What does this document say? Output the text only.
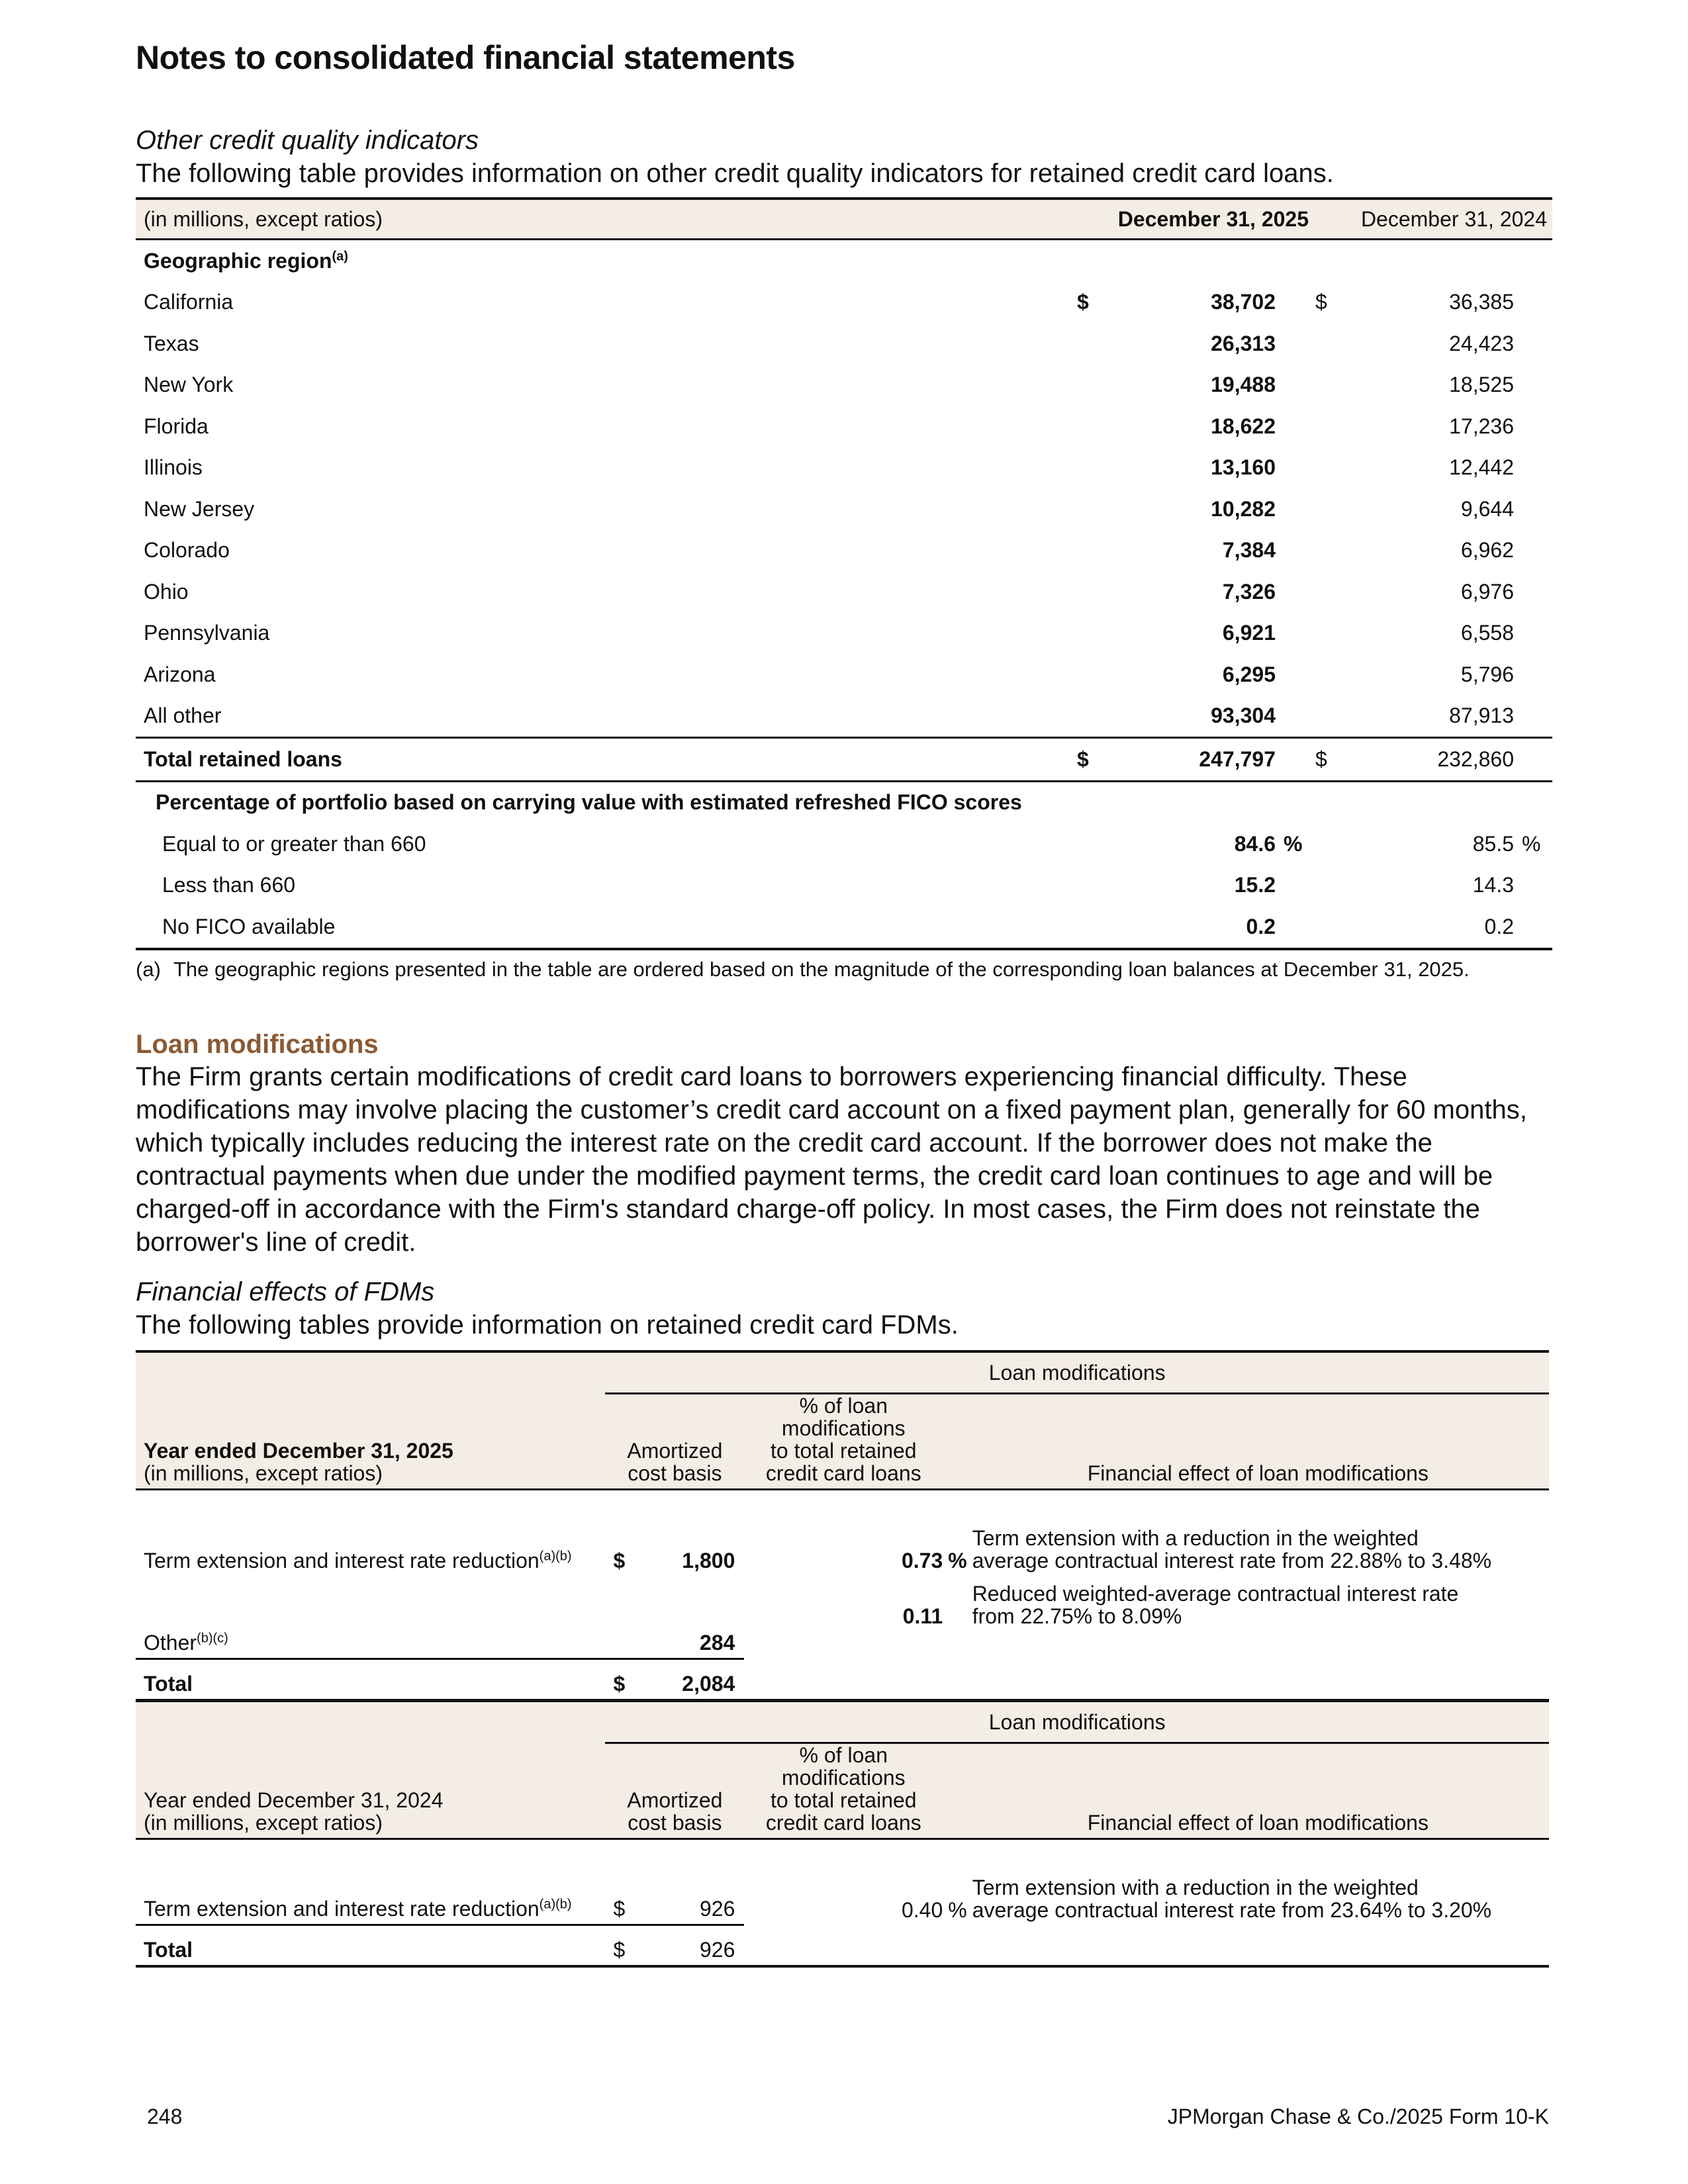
Notes to consolidated financial statements
Other credit quality indicators
The following table provides information on other credit quality indicators for retained credit card loans.
(in millions, except ratios)	December 31, 2025			December 31, 2024		
Geographic region$^{(a)}$
California	$	38,702		$	36,385	
Texas		26,313			24,423	
New York		19,488			18,525	
Florida		18,622			17,236	
Illinois		13,160			12,442	
New Jersey		10,282			9,644	
Colorado		7,384			6,962	
Ohio		7,326			6,976	
Pennsylvania		6,921			6,558	
Arizona		6,295			5,796	
All other		93,304			87,913	
Total retained loans	$	247,797		$	232,860	
Percentage of portfolio based on carrying value with estimated refreshed FICO scores						
Equal to or greater than 660		84.6	%		85.5	%
Less than 660		15.2			14.3	
No FICO available		0.2			0.2	
(a) The geographic regions presented in the table are ordered based on the magnitude of the corresponding loan balances at December 31, 2025.
Loan modifications
The Firm grants certain modifications of credit card loans to borrowers experiencing financial difficulty. These modifications may involve placing the customer’s credit card account on a fixed payment plan, generally for 60 months, which typically includes reducing the interest rate on the credit card account. If the borrower does not make the contractual payments when due under the modified payment terms, the credit card loan continues to age and will be charged-off in accordance with the Firm's standard charge-off policy. In most cases, the Firm does not reinstate the borrower's line of credit.
Financial effects of FDMs
The following tables provide information on retained credit card FDMs.
	Loan modifications				
Year ended December 31, 2025
(in millions, except ratios)	Amortized
cost basis		% of loan modifications
to total retained
credit card loans		Financial effect of loan modifications
Term extension and interest rate reduction$^{(a)(b)}$	$	1,800	0.73	%	Term extension with a reduction in the weighted
average contractual interest rate from 22.88% to 3.48%
Other$^{(b)(c)}$		284	0.11		Reduced weighted-average contractual interest rate
from 22.75% to 8.09%
Total	$	2,084			
	Loan modifications				
Year ended December 31, 2024
(in millions, except ratios)	Amortized
cost basis		% of loan modifications
to total retained
credit card loans		Financial effect of loan modifications
Term extension and interest rate reduction$^{(a)(b)}$	$	926	0.40	%	Term extension with a reduction in the weighted
average contractual interest rate from 23.64% to 3.20%
Total	$	926			
248	JPMorgan Chase & Co./2025 Form 10-K
